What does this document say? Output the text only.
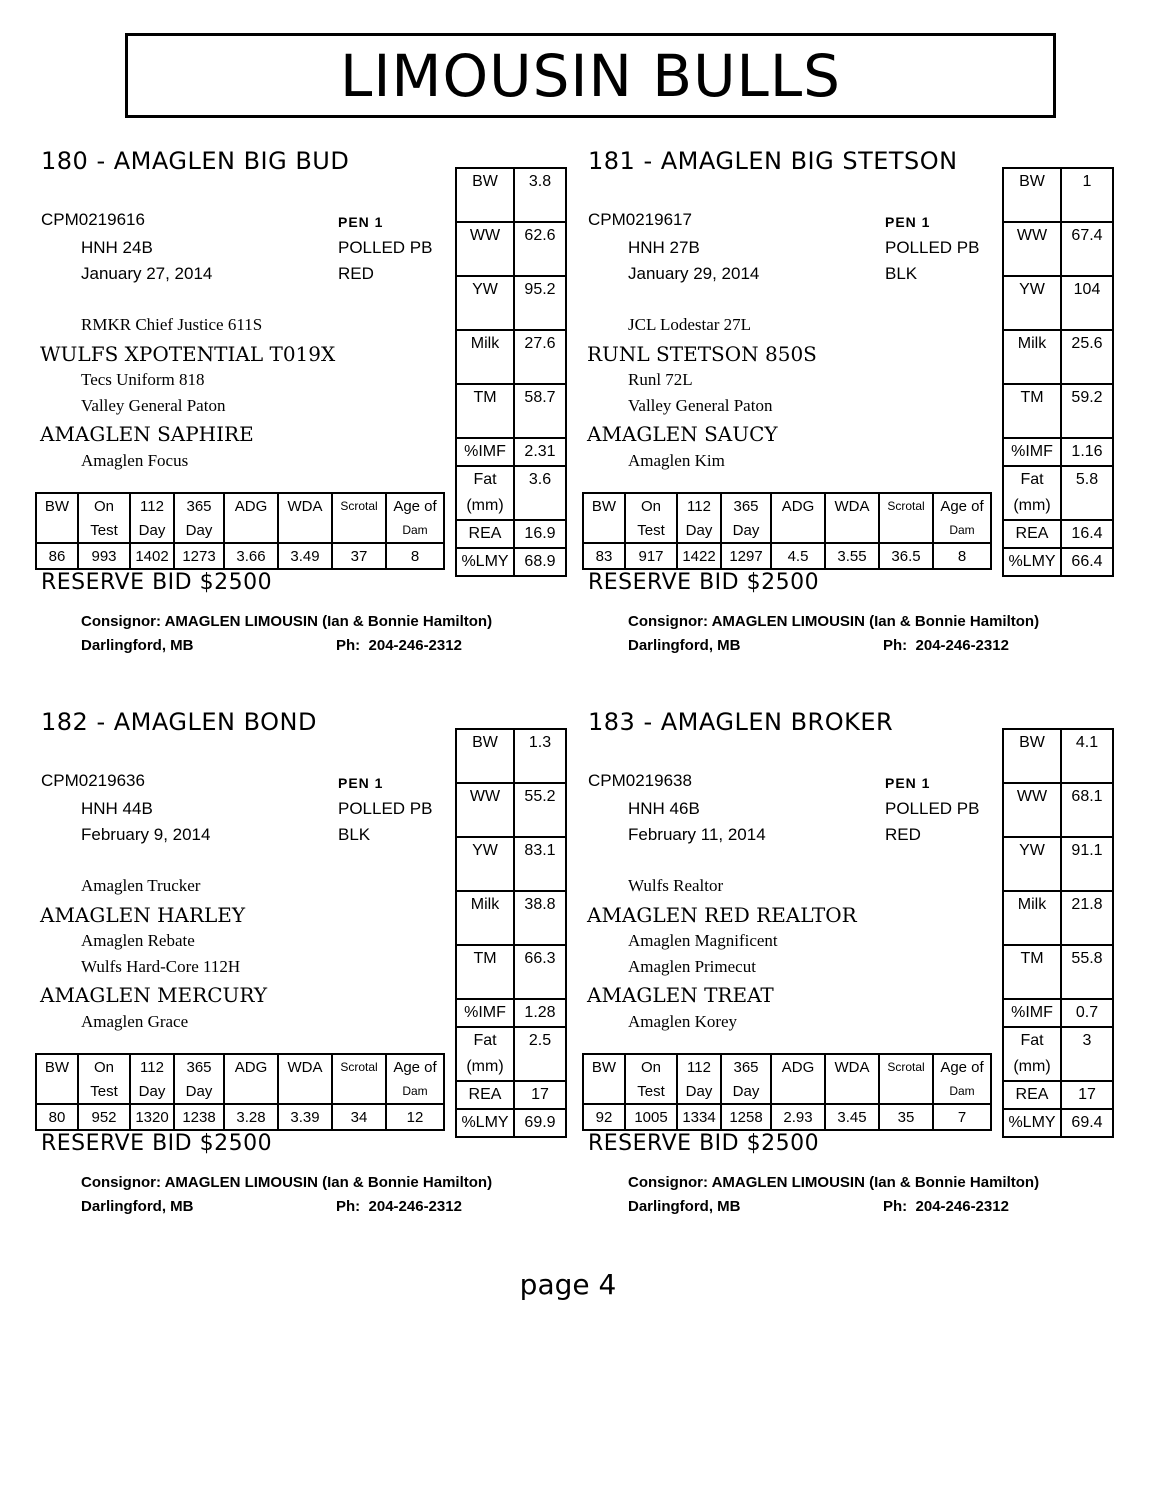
LIMOUSIN BULLS
180 - AMAGLEN BIG BUD
CPM0219616	PEN 1
HNH 24B	POLLED PB
January 27, 2014	RED
RMKR Chief Justice 611S
WULFS XPOTENTIAL T019X
Tecs Uniform 818
Valley General Paton
AMAGLEN SAPHIRE
Amaglen Focus
BW	3.8
WW	62.6
YW	95.2
Milk	27.6
TM	58.7
%IMF	2.31
Fat (mm)	3.6
REA	16.9
%LMY	68.9
BW	On	112	365	ADG	WDA	Scrotal	Age of
	Test	Day	Day				Dam
86	993	1402	1273	3.66	3.49	37	8
RESERVE BID $2500
Consignor: AMAGLEN LIMOUSIN (Ian & Bonnie Hamilton)
Darlingford, MB	Ph: 204-246-2312
181 - AMAGLEN BIG STETSON
CPM0219617	PEN 1
HNH 27B	POLLED PB
January 29, 2014	BLK
JCL Lodestar 27L
RUNL STETSON 850S
Runl 72L
Valley General Paton
AMAGLEN SAUCY
Amaglen Kim
BW	1
WW	67.4
YW	104
Milk	25.6
TM	59.2
%IMF	1.16
Fat (mm)	5.8
REA	16.4
%LMY	66.4
BW	On	112	365	ADG	WDA	Scrotal	Age of
	Test	Day	Day				Dam
83	917	1422	1297	4.5	3.55	36.5	8
RESERVE BID $2500
Consignor: AMAGLEN LIMOUSIN (Ian & Bonnie Hamilton)
Darlingford, MB	Ph: 204-246-2312
182 - AMAGLEN BOND
CPM0219636	PEN 1
HNH 44B	POLLED PB
February 9, 2014	BLK
Amaglen Trucker
AMAGLEN HARLEY
Amaglen Rebate
Wulfs Hard-Core 112H
AMAGLEN MERCURY
Amaglen Grace
BW	1.3
WW	55.2
YW	83.1
Milk	38.8
TM	66.3
%IMF	1.28
Fat (mm)	2.5
REA	17
%LMY	69.9
BW	On	112	365	ADG	WDA	Scrotal	Age of
	Test	Day	Day				Dam
80	952	1320	1238	3.28	3.39	34	12
RESERVE BID $2500
Consignor: AMAGLEN LIMOUSIN (Ian & Bonnie Hamilton)
Darlingford, MB	Ph: 204-246-2312
183 - AMAGLEN BROKER
CPM0219638	PEN 1
HNH 46B	POLLED PB
February 11, 2014	RED
Wulfs Realtor
AMAGLEN RED REALTOR
Amaglen Magnificent
Amaglen Primecut
AMAGLEN TREAT
Amaglen Korey
BW	4.1
WW	68.1
YW	91.1
Milk	21.8
TM	55.8
%IMF	0.7
Fat (mm)	3
REA	17
%LMY	69.4
BW	On	112	365	ADG	WDA	Scrotal	Age of
	Test	Day	Day				Dam
92	1005	1334	1258	2.93	3.45	35	7
RESERVE BID $2500
Consignor: AMAGLEN LIMOUSIN (Ian & Bonnie Hamilton)
Darlingford, MB	Ph: 204-246-2312
page 4
